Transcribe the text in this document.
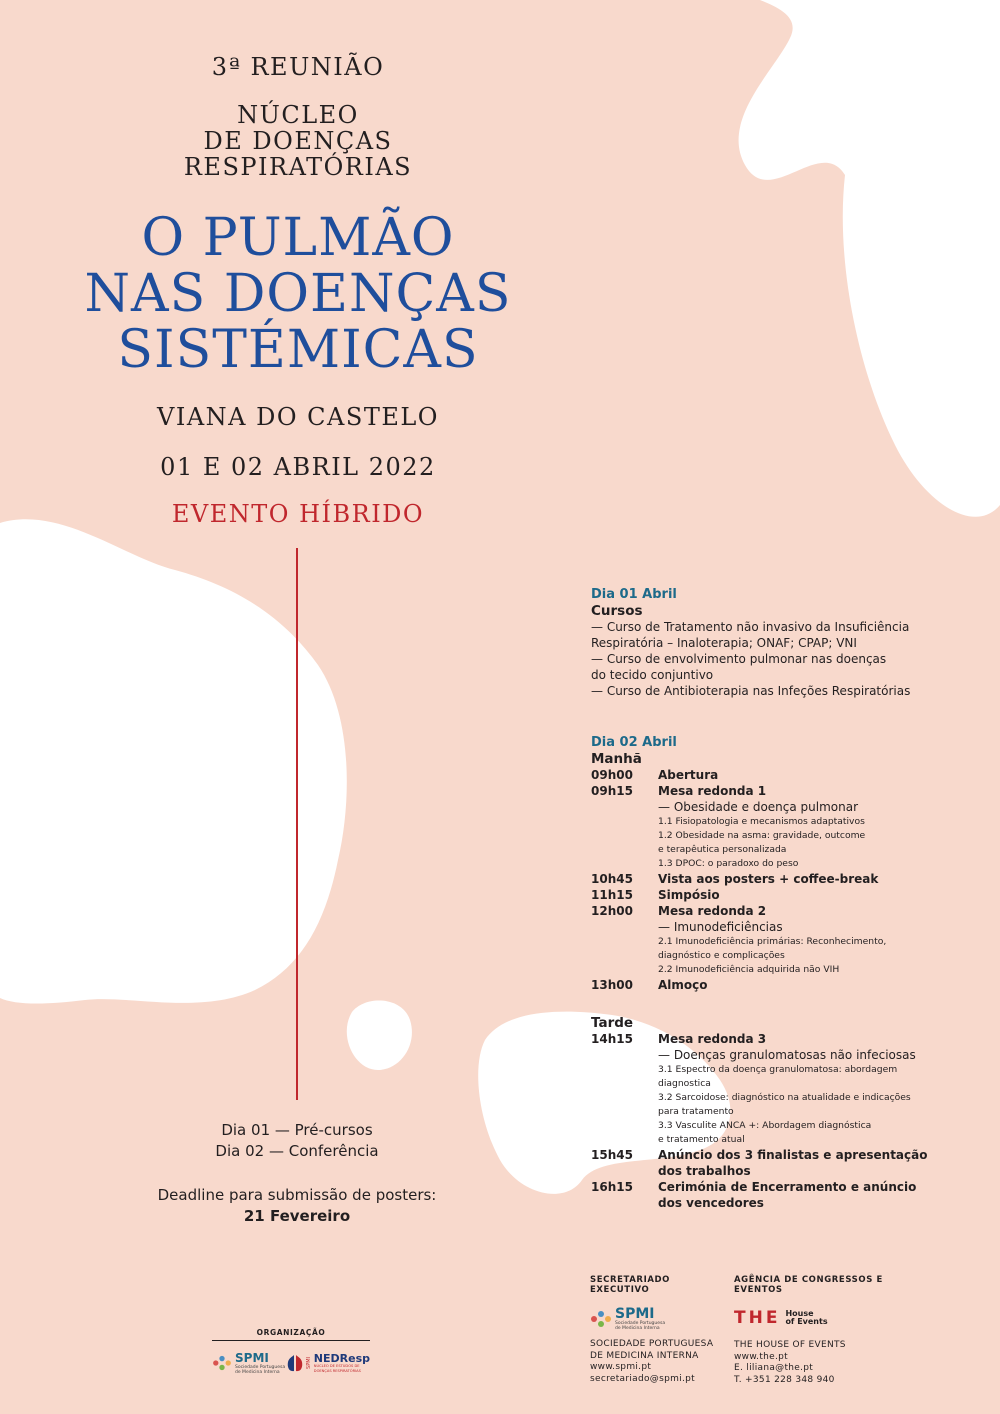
3ª REUNIÃO
NÚCLEO
DE DOENÇAS
RESPIRATÓRIAS
O PULMÃO
NAS DOENÇAS
SISTÉMICAS
VIANA DO CASTELO
01 E 02 ABRIL 2022
EVENTO HÍBRIDO
Dia 01 — Pré-cursos
Dia 02 — Conferência
Deadline para submissão de posters:
21 Fevereiro
Dia 01 Abril
Cursos
— Curso de Tratamento não invasivo da Insuficiência
Respiratória – Inaloterapia; ONAF; CPAP; VNI
— Curso de envolvimento pulmonar nas doenças
do tecido conjuntivo
— Curso de Antibioterapia nas Infeções Respiratórias
Dia 02 Abril
Manhã
09h00	Abertura
09h15	Mesa redonda 1
— Obesidade e doença pulmonar
1.1 Fisiopatologia e mecanismos adaptativos
1.2 Obesidade na asma: gravidade, outcome
e terapêutica personalizada
1.3 DPOC: o paradoxo do peso
10h45	Vista aos posters + coffee-break
11h15	Simpósio
12h00	Mesa redonda 2
— Imunodeficiências
2.1 Imunodeficiência primárias: Reconhecimento,
diagnóstico e complicações
2.2 Imunodeficiência adquirida não VIH
13h00	Almoço
Tarde
14h15	Mesa redonda 3
— Doenças granulomatosas não infeciosas
3.1 Espectro da doença granulomatosa: abordagem
diagnostica
3.2 Sarcoidose: diagnóstico na atualidade e indicações
para tratamento
3.3 Vasculite ANCA +: Abordagem diagnóstica
e tratamento atual
15h45	Anúncio dos 3 finalistas e apresentação
dos trabalhos
16h15	Cerimónia de Encerramento e anúncio
dos vencedores
SECRETARIADO EXECUTIVO
SPMI
Sociedade Portuguesa
de Medicina Interna
SOCIEDADE PORTUGUESA
DE MEDICINA INTERNA
www.spmi.pt
secretariado@spmi.pt
AGÊNCIA DE CONGRESSOS E EVENTOS
THE House
of Events
THE HOUSE OF EVENTS
www.the.pt
E. liliana@the.pt
T. +351 228 348 940
ORGANIZAÇÃO
SPMI
Sociedade Portuguesa
de Medicina Interna
SPMI NEDResp
NÚCLEO DE ESTUDOS DE
DOENÇAS RESPIRATÓRIAS
